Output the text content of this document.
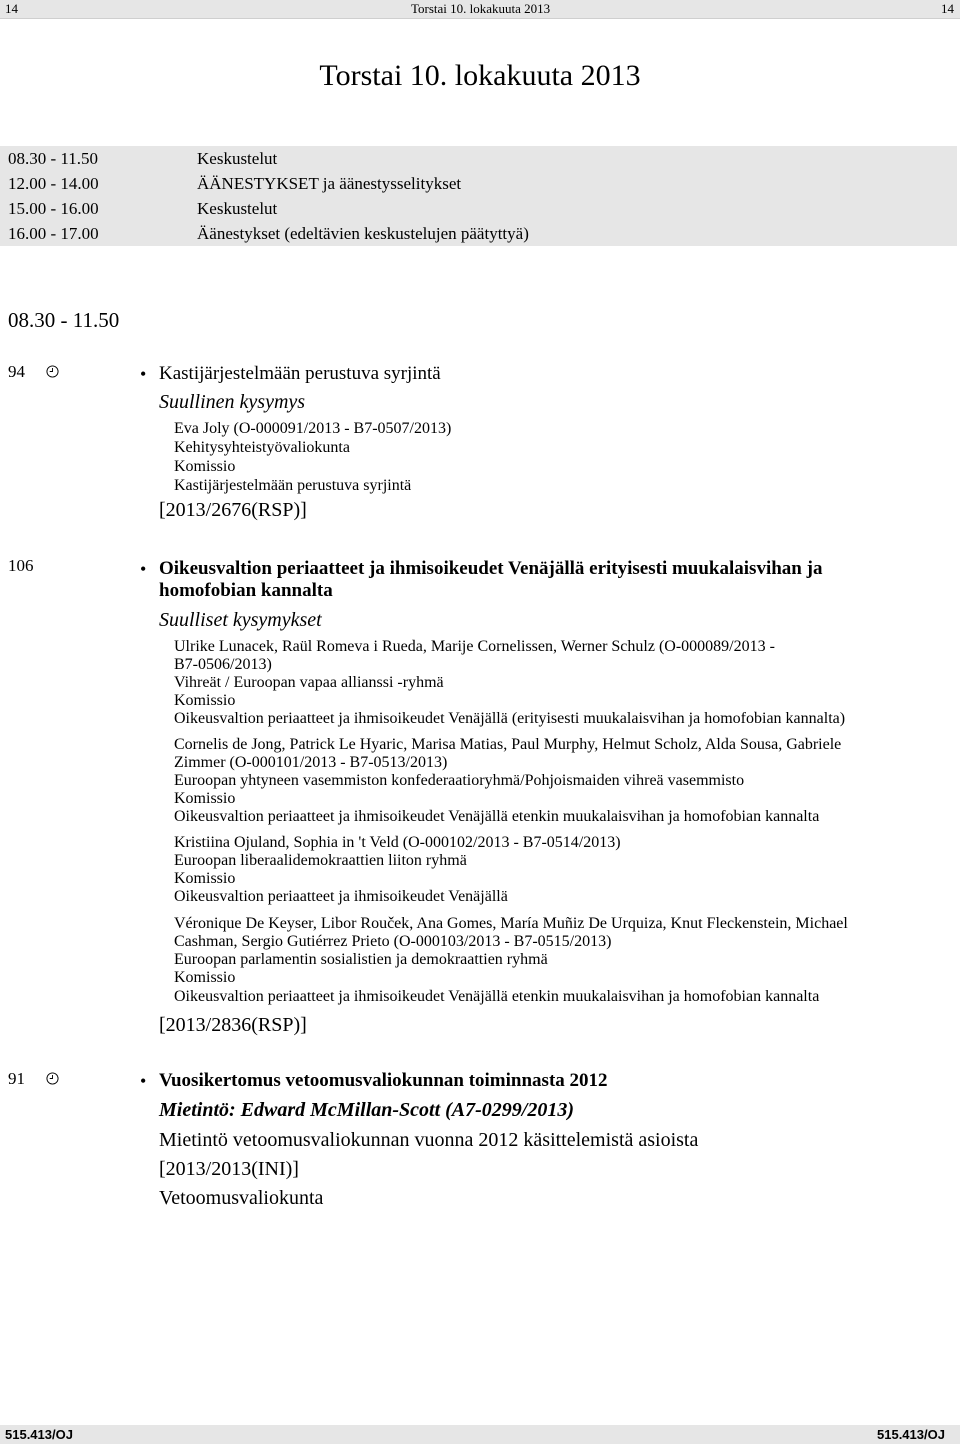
14	Torstai 10. lokakuuta 2013	14
Torstai 10. lokakuuta 2013
08.30 - 11.50	Keskustelut
12.00 - 14.00	ÄÄNESTYKSET ja äänestysselitykset
15.00 - 16.00	Keskustelut
16.00 - 17.00	Äänestykset (edeltävien keskustelujen päätyttyä)
08.30 - 11.50
94	• Kastijärjestelmään perustuva syrjintä
Suullinen kysymys
Eva Joly (O-000091/2013 - B7-0507/2013)
Kehitysyhteistyövaliokunta
Komissio
Kastijärjestelmään perustuva syrjintä
[2013/2676(RSP)]
106	• Oikeusvaltion periaatteet ja ihmisoikeudet Venäjällä erityisesti muukalaisvihan ja
homofobian kannalta
Suulliset kysymykset
Ulrike Lunacek, Raül Romeva i Rueda, Marije Cornelissen, Werner Schulz (O-000089/2013 -
B7-0506/2013)
Vihreät / Euroopan vapaa allianssi -ryhmä
Komissio
Oikeusvaltion periaatteet ja ihmisoikeudet Venäjällä (erityisesti muukalaisvihan ja homofobian kannalta)
Cornelis de Jong, Patrick Le Hyaric, Marisa Matias, Paul Murphy, Helmut Scholz, Alda Sousa, Gabriele
Zimmer (O-000101/2013 - B7-0513/2013)
Euroopan yhtyneen vasemmiston konfederaatioryhmä/Pohjoismaiden vihreä vasemmisto
Komissio
Oikeusvaltion periaatteet ja ihmisoikeudet Venäjällä etenkin muukalaisvihan ja homofobian kannalta
Kristiina Ojuland, Sophia in 't Veld (O-000102/2013 - B7-0514/2013)
Euroopan liberaalidemokraattien liiton ryhmä
Komissio
Oikeusvaltion periaatteet ja ihmisoikeudet Venäjällä
Véronique De Keyser, Libor Rouček, Ana Gomes, María Muñiz De Urquiza, Knut Fleckenstein, Michael
Cashman, Sergio Gutiérrez Prieto (O-000103/2013 - B7-0515/2013)
Euroopan parlamentin sosialistien ja demokraattien ryhmä
Komissio
Oikeusvaltion periaatteet ja ihmisoikeudet Venäjällä etenkin muukalaisvihan ja homofobian kannalta
[2013/2836(RSP)]
91	• Vuosikertomus vetoomusvaliokunnan toiminnasta 2012
Mietintö: Edward McMillan-Scott (A7-0299/2013)
Mietintö vetoomusvaliokunnan vuonna 2012 käsittelemistä asioista
[2013/2013(INI)]
Vetoomusvaliokunta
515.413/OJ	515.413/OJ
